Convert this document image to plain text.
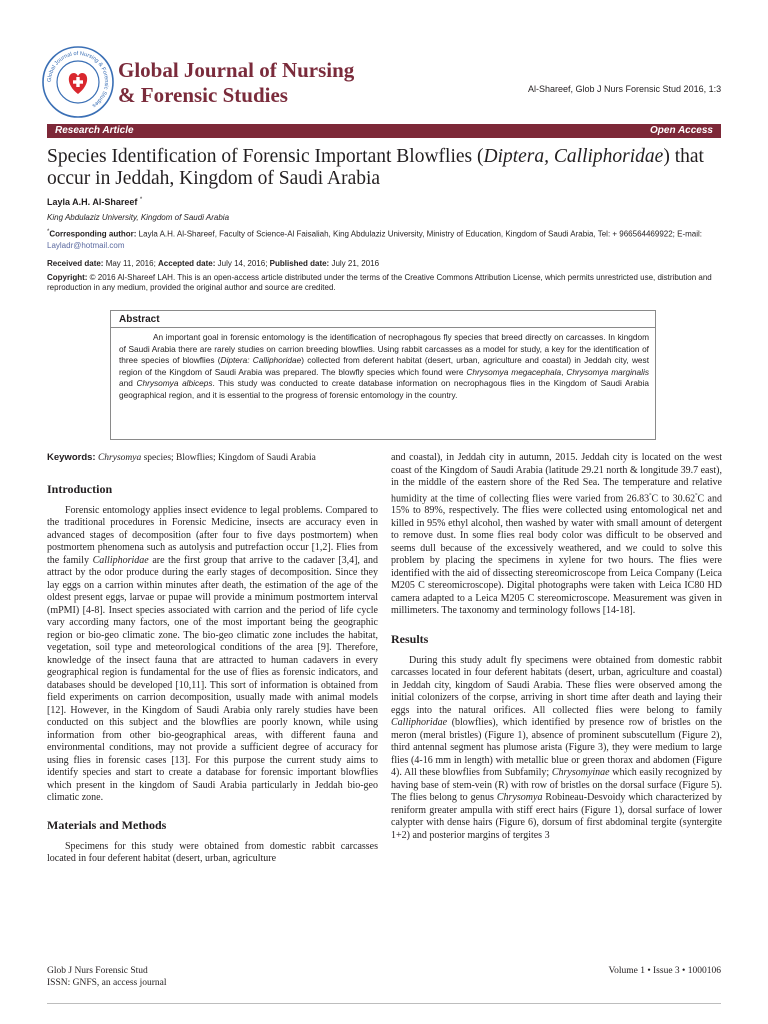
Global Journal of Nursing & Forensic Studies
Global Journal of Nursing
& Forensic Studies	Al-Shareef, Glob J Nurs Forensic Stud 2016, 1:3
Research Article	Open Access
Species Identification of Forensic Important Blowflies (Diptera, Calliphoridae) that occur in Jeddah, Kingdom of Saudi Arabia
Layla A.H. Al-Shareef *
King Abdulaziz University, Kingdom of Saudi Arabia
*Corresponding author: Layla A.H. Al-Shareef, Faculty of Science-Al Faisaliah, King Abdulaziz University, Ministry of Education, Kingdom of Saudi Arabia, Tel: + 966564469922; E-mail: Layladr@hotmail.com
Received date: May 11, 2016; Accepted date: July 14, 2016; Published date: July 21, 2016
Copyright: © 2016 Al-Shareef LAH. This is an open-access article distributed under the terms of the Creative Commons Attribution License, which permits unrestricted use, distribution and reproduction in any medium, provided the original author and source are credited.
Abstract
An important goal in forensic entomology is the identification of necrophagous fly species that breed directly on carcasses. In kingdom of Saudi Arabia there are rarely studies on carrion breeding blowflies. Using rabbit carcasses as a model for study, a key for the identification of three species of blowflies (Diptera: Calliphoridae) collected from deferent habitat (desert, urban, agriculture and coastal) in Jeddah city, west region of the Kingdom of Saudi Arabia was prepared. The blowfly species which found were Chrysomya megacephala, Chrysomya marginalis and Chrysomya albiceps. This study was conducted to create database information on necrophagous flies in the Kingdom of Saudi Arabia geographical region, and it is essential to the progress of forensic entomology in the country.

Keywords: Chrysomya species; Blowflies; Kingdom of Saudi Arabia

Introduction

Forensic entomology applies insect evidence to legal problems. Compared to the traditional procedures in Forensic Medicine, insects are accuracy even in advanced stages of decomposition (after four to five days postmortem) when postmortem phenomena such as autolysis and putrefaction occur [1,2]. Flies from the family Calliphoridae are the first group that arrive to the cadaver [3,4], and attract by the odor produce during the early stages of decomposition. Since they lay eggs on a carrion within minutes after death, the estimation of the age of the oldest present eggs, larvae or pupae will provide a minimum postmortem interval (mPMI) [4-8]. Insect species associated with carrion and the period of life cycle vary according many factors, one of the most important being the geographic region or bio-geo climatic zone. The bio-geo climatic zone includes the habitat, vegetation, soil type and meteorological conditions of the area [9]. Therefore, knowledge of the insect fauna that are attracted to human cadavers in every geographical region is fundamental for the use of flies as forensic indicators, and databases should be developed [10,11]. This sort of information is obtained from field experiments on carrion decomposition, usually made with animal models [12]. However, in the Kingdom of Saudi Arabia only rarely studies have been conducted on this subject and the blowflies are poorly known, while using information from other bio-geographical areas, with different fauna and environmental conditions, may not provide a sufficient degree of accuracy for using flies in forensic cases [13]. For this purpose the current study aims to identify species and start to create a database for forensic important blowflies which present in the kingdom of Saudi Arabia particularly in Jeddah bio-geo climatic zone.

Materials and Methods

Specimens for this study were obtained from domestic rabbit carcasses located in four deferent habitat (desert, urban, agriculture

and coastal), in Jeddah city in autumn, 2015. Jeddah city is located on the west coast of the Kingdom of Saudi Arabia (latitude 29.21 north & longitude 39.7 east), in the middle of the eastern shore of the Red Sea. The temperature and relative humidity at the time of collecting flies were varied from 26.83°C to 30.62°C and 15% to 89%, respectively. The flies were collected using entomological net and killed in 95% ethyl alcohol, then washed by water with small amount of detergent to remove dust. In some flies real body color was difficult to be observed and seems dull because of the excessively weathered, and we could to solve this problem by placing the specimens in xylene for two hours. The flies were identified with the aid of dissecting stereomicroscope from Leica Company (Leica M205 C stereomicroscope). Digital photographs were taken with Leica IC80 HD camera adapted to a Leica M205 C stereomicroscope. Measurement was given in millimeters. The taxonomy and terminology follows [14-18].

Results

During this study adult fly specimens were obtained from domestic rabbit carcasses located in four deferent habitats (desert, urban, agriculture and coastal) in Jeddah city, kingdom of Saudi Arabia. These flies were observed among the initial colonizers of the corpse, arriving in short time after death and laying their eggs into the natural orifices. All collected flies were belong to family Calliphoridae (blowflies), which identified by presence row of bristles on the meron (meral bristles) (Figure 1), absence of prominent subscutellum (Figure 2), third antennal segment has plumose arista (Figure 3), they were medium to large flies (4-16 mm in length) with metallic blue or green thorax and abdomen (Figure 4). All these blowflies from Subfamily; Chrysomyinae which easily recognized by having base of stem-vein (R) with row of bristles on the dorsal surface (Figure 5). The flies belong to genus Chrysomya Robineau-Desvoidy which characterized by reniform greater ampulla with stiff erect hairs (Figure 1), dorsal surface of lower calypter with dense hairs (Figure 6), dorsum of first abdominal tergite (syntergite 1+2) and posterior margins of tergites 3

Glob J Nurs Forensic Stud
ISSN: GNFS, an access journal
Volume 1 • Issue 3 • 1000106
